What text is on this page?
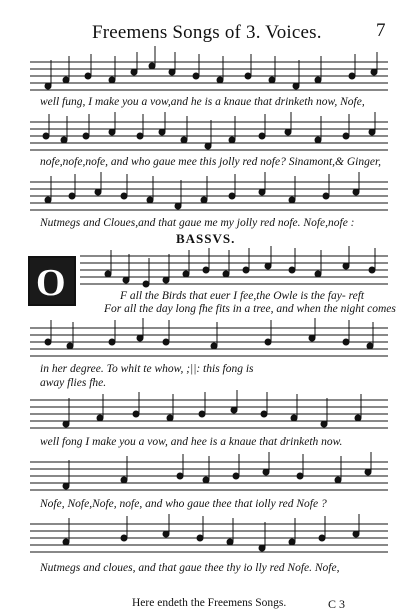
Freemens Songs of 3. Voices.	7
well fung, I make you a vow,and he is a knaue that drinketh now, Nofe,
nofe,nofe,nofe, and who gaue mee this jolly red nofe? Sinamont,& Ginger,
Nutmegs and Cloues,and that gaue me my jolly red nofe. Nofe,nofe :
BASSVS.
O	F all the Birds that euer I fee,the Owle is the fay- reft
For all the day long fhe fits in a tree, and when the night comes
in her degree. To whit te whow, ;||: this fong is
away flies fhe.
well fong I make you a vow, and hee is a knaue that drinketh now.
Nofe, Nofe,Nofe, nofe, and who gaue thee that iolly red Nofe ?
Nutmegs and cloues, and that gaue thee thy io lly red Nofe. Nofe,
Here endeth the Freemens Songs.	C 3
